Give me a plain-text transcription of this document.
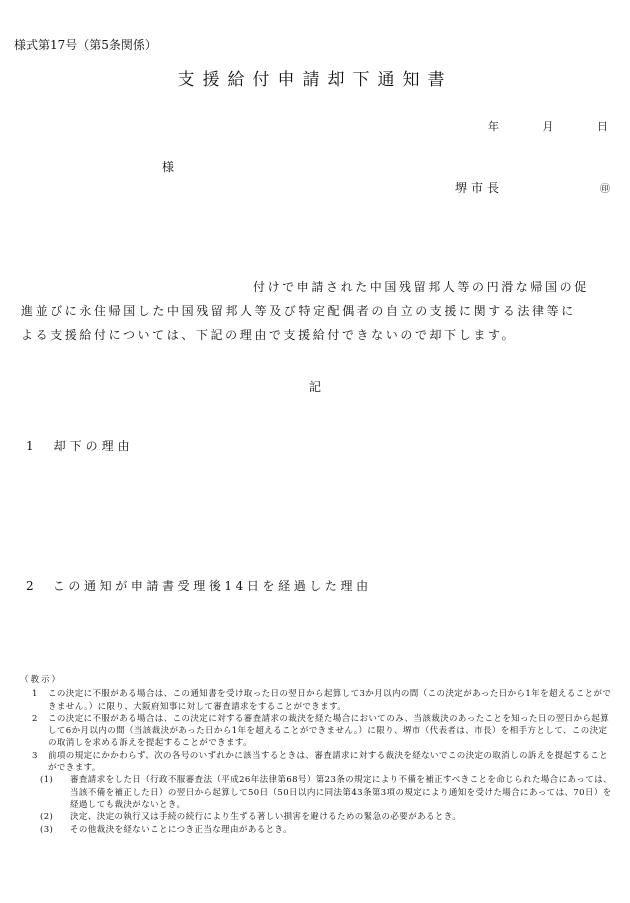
様式第17号（第5条関係）
支援給付申請却下通知書
年	月	日
様
堺市長	㊞
付けで申請された中国残留邦人等の円滑な帰国の促
進並びに永住帰国した中国残留邦人等及び特定配偶者の自立の支援に関する法律等に
よる支援給付については、下記の理由で支援給付できないので却下します。
記
1　却下の理由
2　この通知が申請書受理後14日を経過した理由
（教示）
1 この決定に不服がある場合は、この通知書を受け取った日の翌日から起算して3か月以内の間（この決定があった日から1年を超えることができません。）に限り、大阪府知事に対して審査請求をすることができます。
2 この決定に不服がある場合は、この決定に対する審査請求の裁決を経た場合においてのみ、当該裁決のあったことを知った日の翌日から起算して6か月以内の間（当該裁決があった日から1年を超えることができません。）に限り、堺市（代表者は、市長）を相手方として、この決定の取消しを求める訴えを提起することができます。
3 前項の規定にかかわらず、次の各号のいずれかに該当するときは、審査請求に対する裁決を経ないでこの決定の取消しの訴えを提起することができます。
(1) 審査請求をした日（行政不服審査法（平成26年法律第68号）第23条の規定により不備を補正すべきことを命じられた場合にあっては、当該不備を補正した日）の翌日から起算して50日（50日以内に同法第43条第3項の規定により通知を受けた場合にあっては、70日）を経過しても裁決がないとき。
(2) 決定、決定の執行又は手続の続行により生ずる著しい損害を避けるための緊急の必要があるとき。
(3) その他裁決を経ないことにつき正当な理由があるとき。
